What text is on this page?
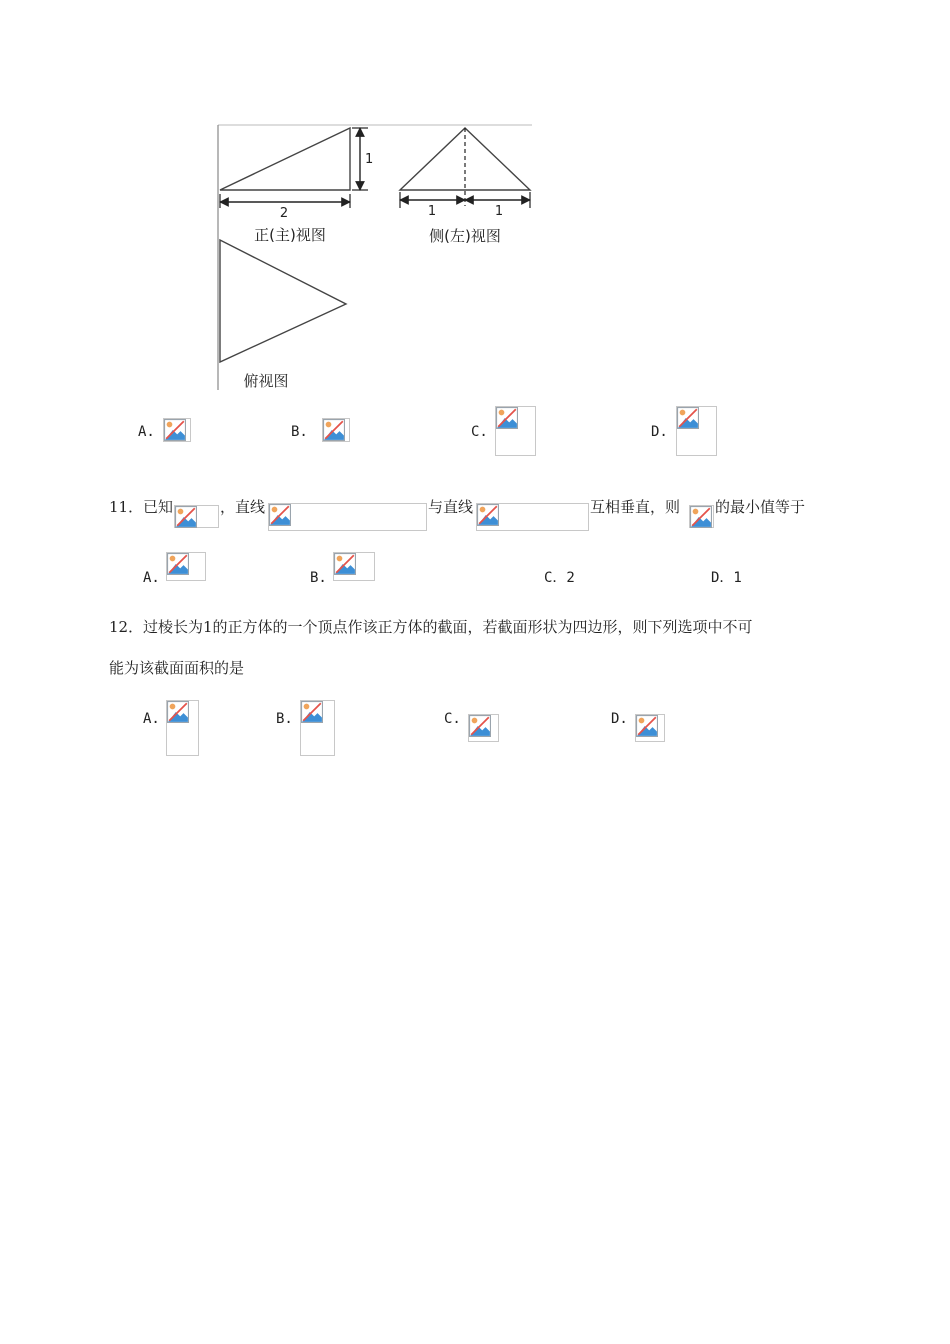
2
1
正(主)视图
1	1
侧(左)视图
俯视图
A.	B.	C.	D.
11． 已知	，直线	与直线	互相垂直，则 的最小值等于
A.	B.	C．2	D．1
12． 过棱长为1的正方体的一个顶点作该正方体的截面，若截面形状为四边形，则下列选项中不可
能为该截面面积的是
A.	B.	C.	D.
